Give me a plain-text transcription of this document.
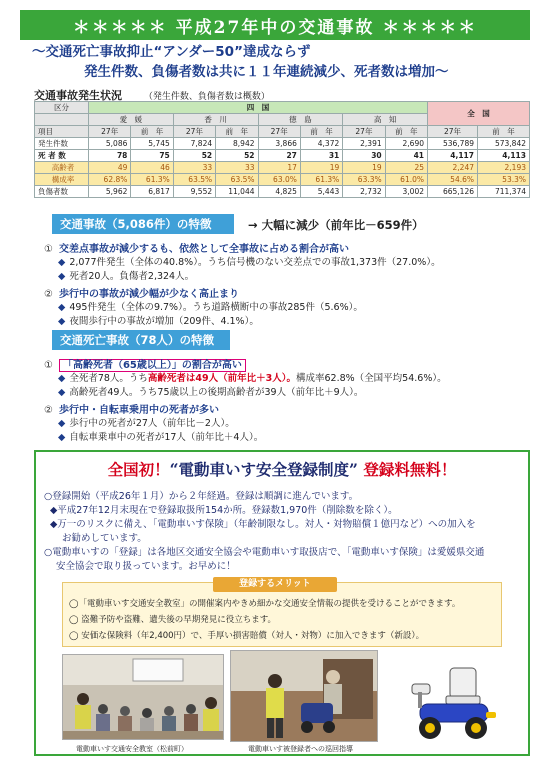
＊＊＊＊＊ 平成27年中の交通事故 ＊＊＊＊＊
～交通死亡事故抑止“アンダー50”達成ならず
発生件数、負傷者数は共に１１年連続減少、死者数は増加～
交通事故発生状況 （発生件数、負傷者数は概数）
区分	四　国								全　国	
	愛　媛		香　川		徳　島		高　知			
項目	27年	前　年	27年	前　年	27年	前　年	27年	前　年	27年	前　年
発生件数	5,086	5,745	7,824	8,942	3,866	4,372	2,391	2,690	536,789	573,842
死 者 数	78	75	52	52	27	31	30	41	4,117	4,113
高齢者	49	46	33	33	17	19	19	25	2,247	2,193
構成率	62.8%	61.3%	63.5%	63.5%	63.0%	61.3%	63.3%	61.0%	54.6%	53.3%
負傷者数	5,962	6,817	9,552	11,044	4,825	5,443	2,732	3,002	665,126	711,374
交通事故（5,086件）の特徴	→ 大幅に減少（前年比－659件）
① 交差点事故が減少するも、依然として全事故に占める割合が高い
◆ 2,077件発生（全体の40.8%）。うち信号機のない交差点での事故1,373件（27.0%）。
◆ 死者20人。負傷者2,324人。
② 歩行中の事故が減少幅が少なく高止まり
◆ 495件発生（全体の9.7%）。うち道路横断中の事故285件（5.6%）。
◆ 夜間歩行中の事故が増加（209件、4.1%）。
交通死亡事故（78人）の特徴
① 「高齢死者（65歳以上）」の割合が高い
◆ 全死者78人。うち高齢死者は49人（前年比＋3人）。構成率62.8%（全国平均54.6%）。
◆ 高齢死者49人。うち75歳以上の後期高齢者が39人（前年比＋9人）。
② 歩行中・自転車乗用中の死者が多い
◆ 歩行中の死者が27人（前年比－2人）。
◆ 自転車乗車中の死者が17人（前年比＋4人）。
全国初！“電動車いす安全登録制度” 登録料無料！
○登録開始（平成26年１月）から２年経過。登録は順調に進んでいます。
◆平成27年12月末現在で登録取扱所154か所。登録数1,970件（削除数を除く）。
◆万一のリスクに備え、「電動車いす保険」（年齢制限なし。対人・対物賠償１億円など）への加入を
お勧めしています。
○電動車いすの「登録」は各地区交通安全協会や電動車いす取扱店で、「電動車いす保険」は愛媛県交通
安全協会で取り扱っています。お早めに！
登録するメリット
◯「電動車いす交通安全教室」の開催案内やきめ細かな交通安全情報の提供を受けることができます。
◯ 盗難予防や盗難、遺失後の早期発見に役立ちます。
◯ 安価な保険料（年2,400円）で、手厚い損害賠償（対人・対物）に加入できます（新設）。
電動車いす交通安全教室（松前町）	電動車いす被登録者への巡回指導
